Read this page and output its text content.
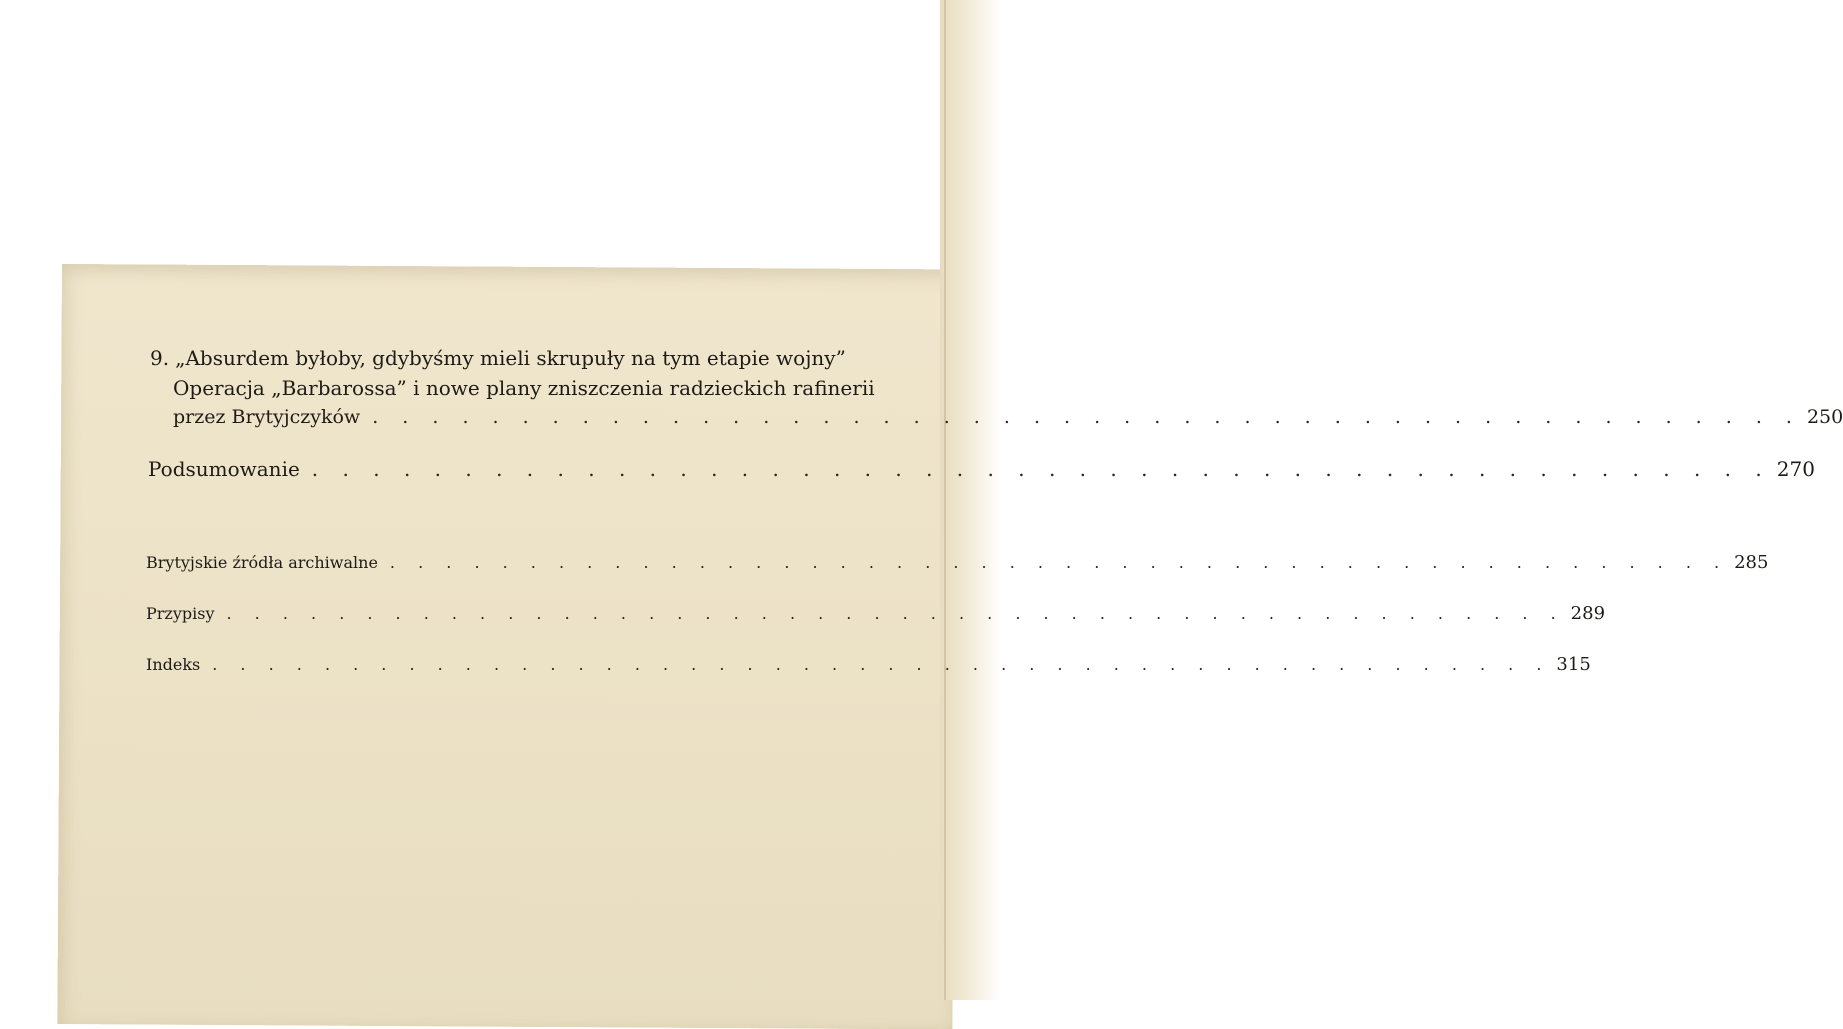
9. „Absurdem byłoby, gdybyśmy mieli skrupuły na tym etapie wojny”
Operacja „Barbarossa” i nowe plany zniszczenia radzieckich rafinerii
przez Brytyjczyków . . . . . . . . . . . . . . . . . . . . . . . . . . . . . . . . . . . . . . . . . . . . . . . . 250
Podsumowanie . . . . . . . . . . . . . . . . . . . . . . . . . . . . . . . . . . . . . . . . . . . . . . . . 270
Brytyjskie źródła archiwalne . . . . . . . . . . . . . . . . . . . . . . . . . . . . . . . . . . . . . . . . . . . . . . . . 285
Przypisy . . . . . . . . . . . . . . . . . . . . . . . . . . . . . . . . . . . . . . . . . . . . . . . . 289
Indeks . . . . . . . . . . . . . . . . . . . . . . . . . . . . . . . . . . . . . . . . . . . . . . . . 315
